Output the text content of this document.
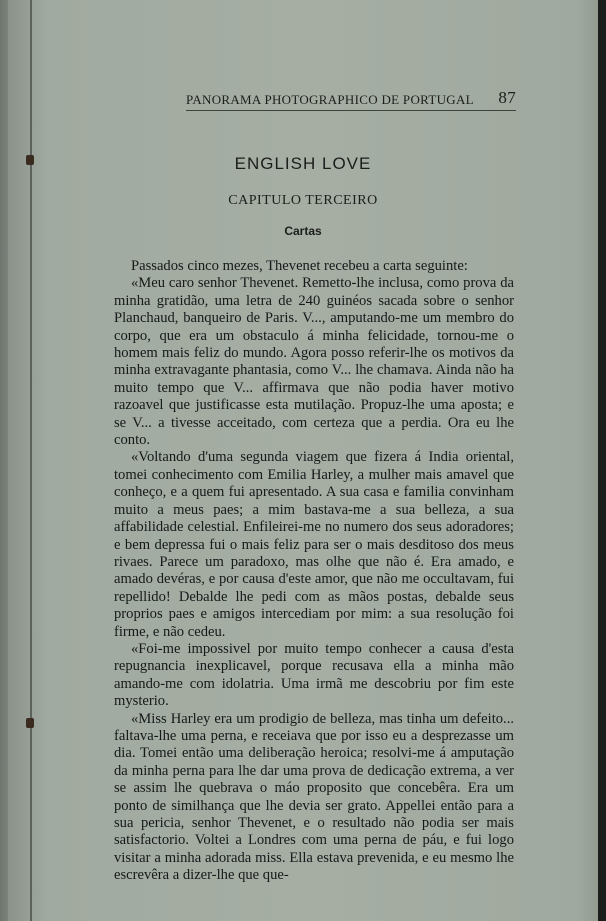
PANORAMA PHOTOGRAPHICO DE PORTUGAL 87
ENGLISH LOVE
CAPITULO TERCEIRO
Cartas

Passados cinco mezes, Thevenet recebeu a carta seguinte:

«Meu caro senhor Thevenet. Remetto-lhe inclusa, como prova da minha gratidão, uma letra de 240 guinéos sacada sobre o senhor Planchaud, banqueiro de Paris. V..., amputando-me um membro do corpo, que era um obstaculo á minha felicidade, tornou-me o homem mais feliz do mundo. Agora posso referir-lhe os motivos da minha extravagante phantasia, como V... lhe chamava. Ainda não ha muito tempo que V... affirmava que não podia haver motivo razoavel que justificasse esta mutilação. Propuz-lhe uma aposta; e se V... a tivesse acceitado, com certeza que a perdia. Ora eu lhe conto.

«Voltando d'uma segunda viagem que fizera á India oriental, tomei conhecimento com Emilia Harley, a mulher mais amavel que conheço, e a quem fui apresentado. A sua casa e familia convinham muito a meus paes; a mim bastava-me a sua belleza, a sua affabilidade celestial. Enfileirei-me no numero dos seus adoradores; e bem depressa fui o mais feliz para ser o mais desditoso dos meus rivaes. Parece um paradoxo, mas olhe que não é. Era amado, e amado devéras, e por causa d'este amor, que não me occultavam, fui repellido! Debalde lhe pedi com as mãos postas, debalde seus proprios paes e amigos intercediam por mim: a sua resolução foi firme, e não cedeu.

«Foi-me impossivel por muito tempo conhecer a causa d'esta repugnancia inexplicavel, porque recusava ella a minha mão amando-me com idolatria. Uma irmã me descobriu por fim este mysterio.

«Miss Harley era um prodigio de belleza, mas tinha um defeito... faltava-lhe uma perna, e receiava que por isso eu a desprezasse um dia. Tomei então uma deliberação heroica; resolvi-me á amputação da minha perna para lhe dar uma prova de dedicação extrema, a ver se assim lhe quebrava o máo proposito que concebêra. Era um ponto de similhança que lhe devia ser grato. Appellei então para a sua pericia, senhor Thevenet, e o resultado não podia ser mais satisfactorio. Voltei a Londres com uma perna de páu, e fui logo visitar a minha adorada miss. Ella estava prevenida, e eu mesmo lhe escrevêra a dizer-lhe que que-
